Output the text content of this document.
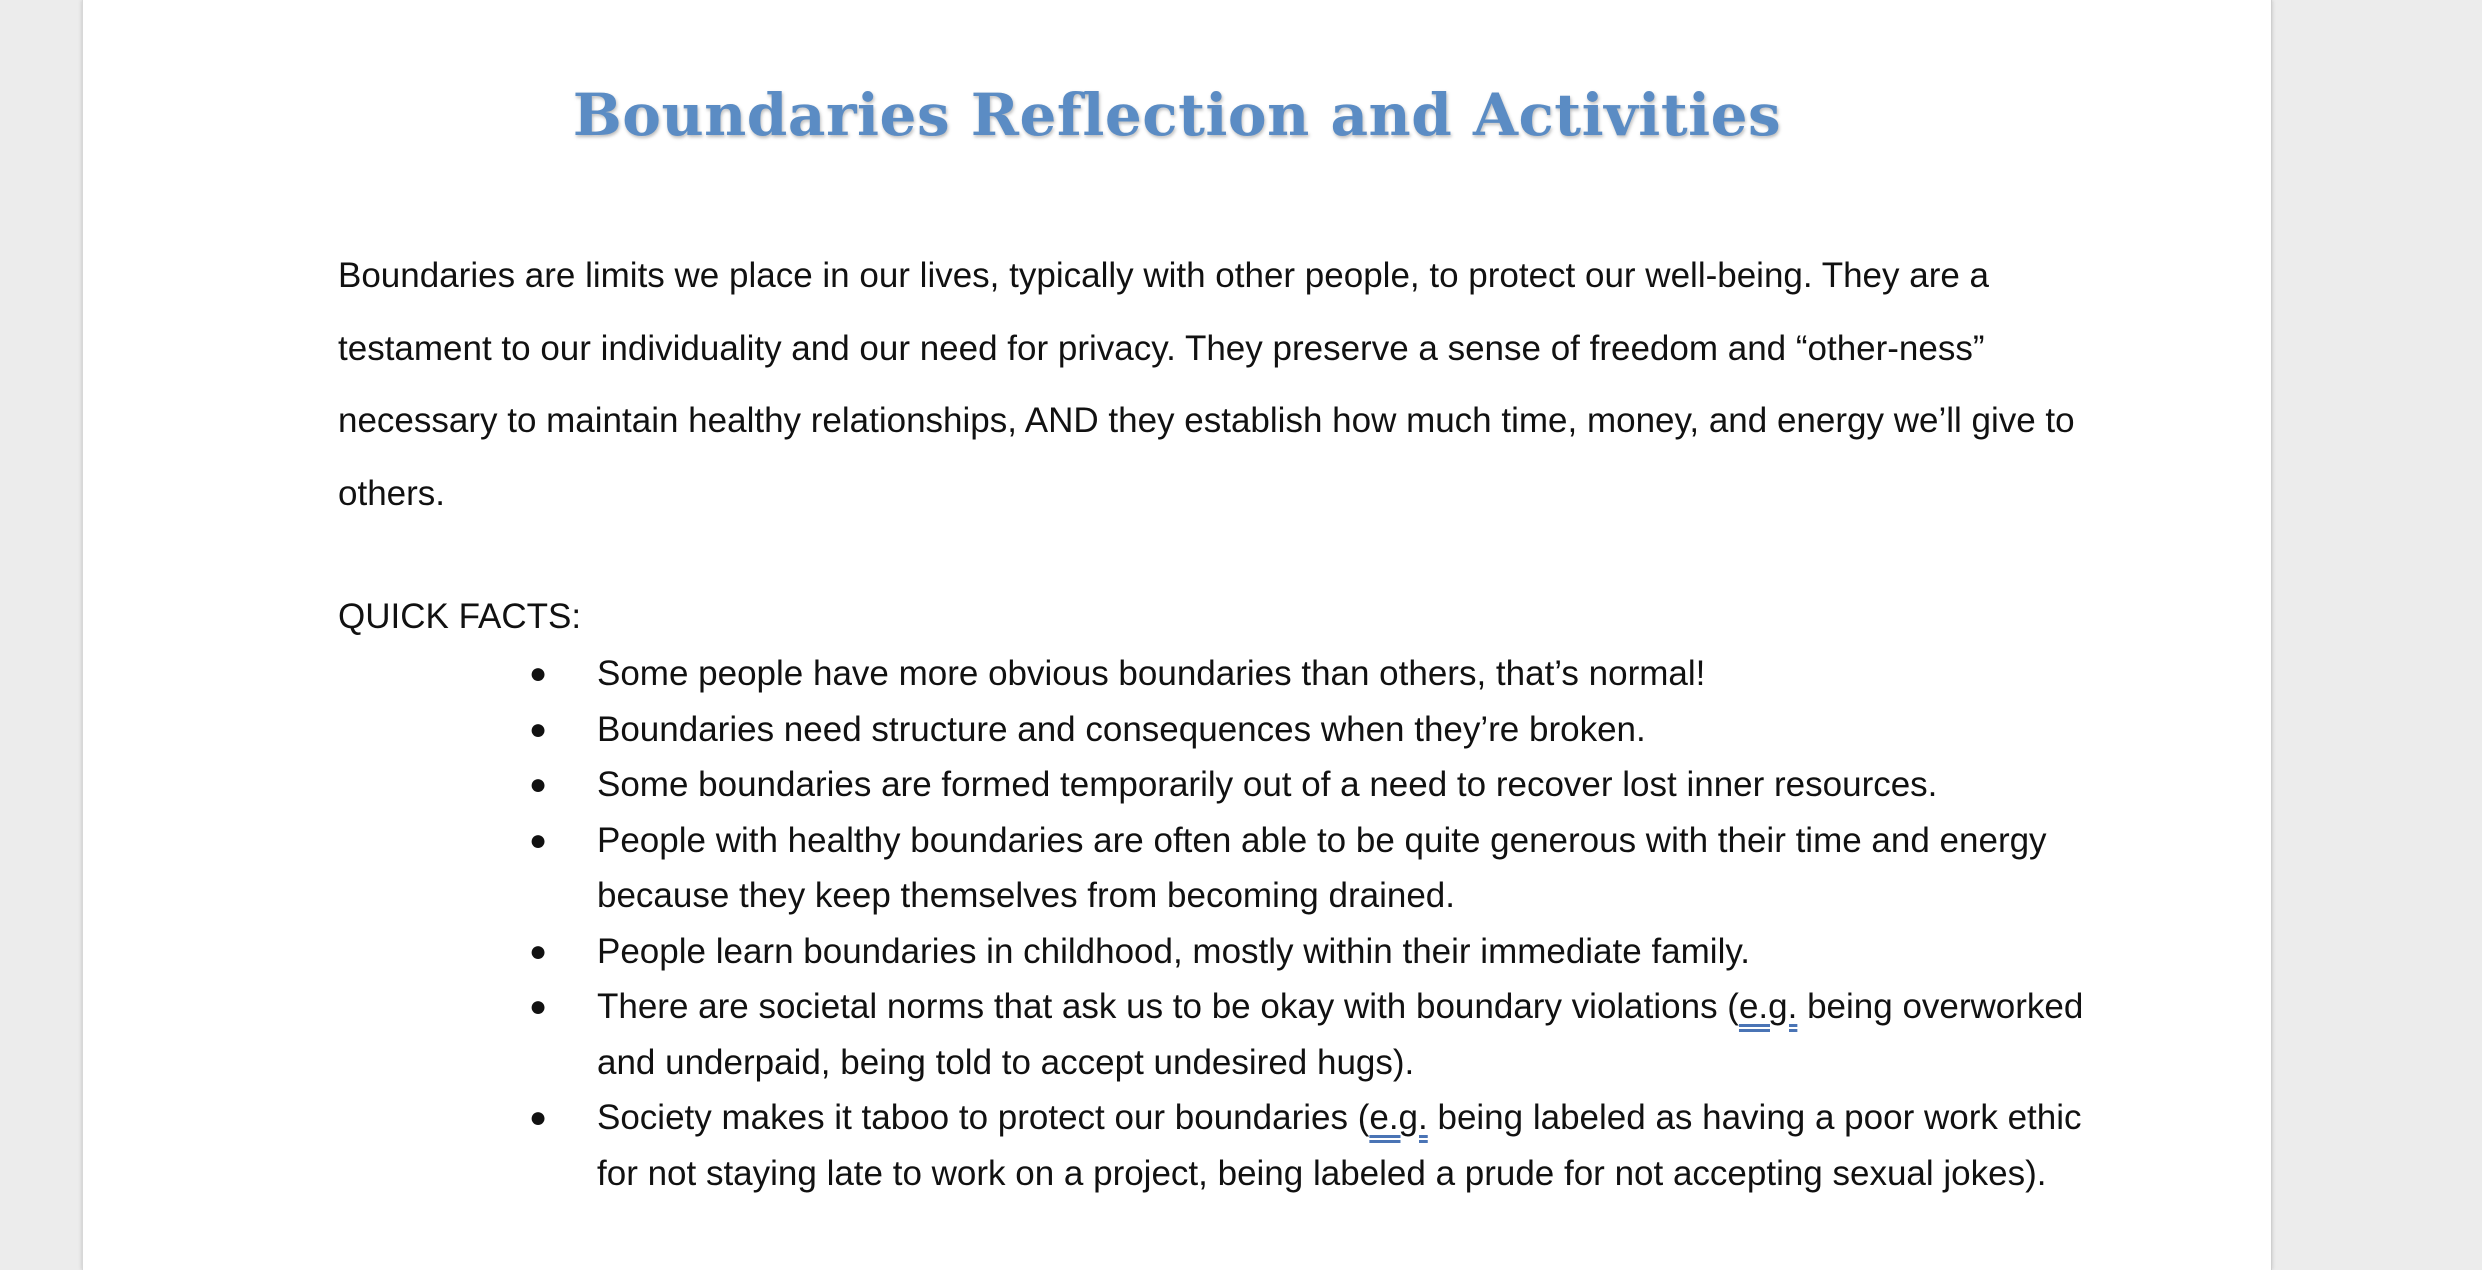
Boundaries Reflection and Activities

Boundaries are limits we place in our lives, typically with other people, to protect our well-being. They are a testament to our individuality and our need for privacy. They preserve a sense of freedom and “other-ness” necessary to maintain healthy relationships, AND they establish how much time, money, and energy we’ll give to others.

QUICK FACTS:

● Some people have more obvious boundaries than others, that’s normal!
● Boundaries need structure and consequences when they’re broken.
● Some boundaries are formed temporarily out of a need to recover lost inner resources.
● People with healthy boundaries are often able to be quite generous with their time and energy because they keep themselves from becoming drained.
● People learn boundaries in childhood, mostly within their immediate family.
● There are societal norms that ask us to be okay with boundary violations (e.g. being overworked and underpaid, being told to accept undesired hugs).
● Society makes it taboo to protect our boundaries (e.g. being labeled as having a poor work ethic for not staying late to work on a project, being labeled a prude for not accepting sexual jokes).
